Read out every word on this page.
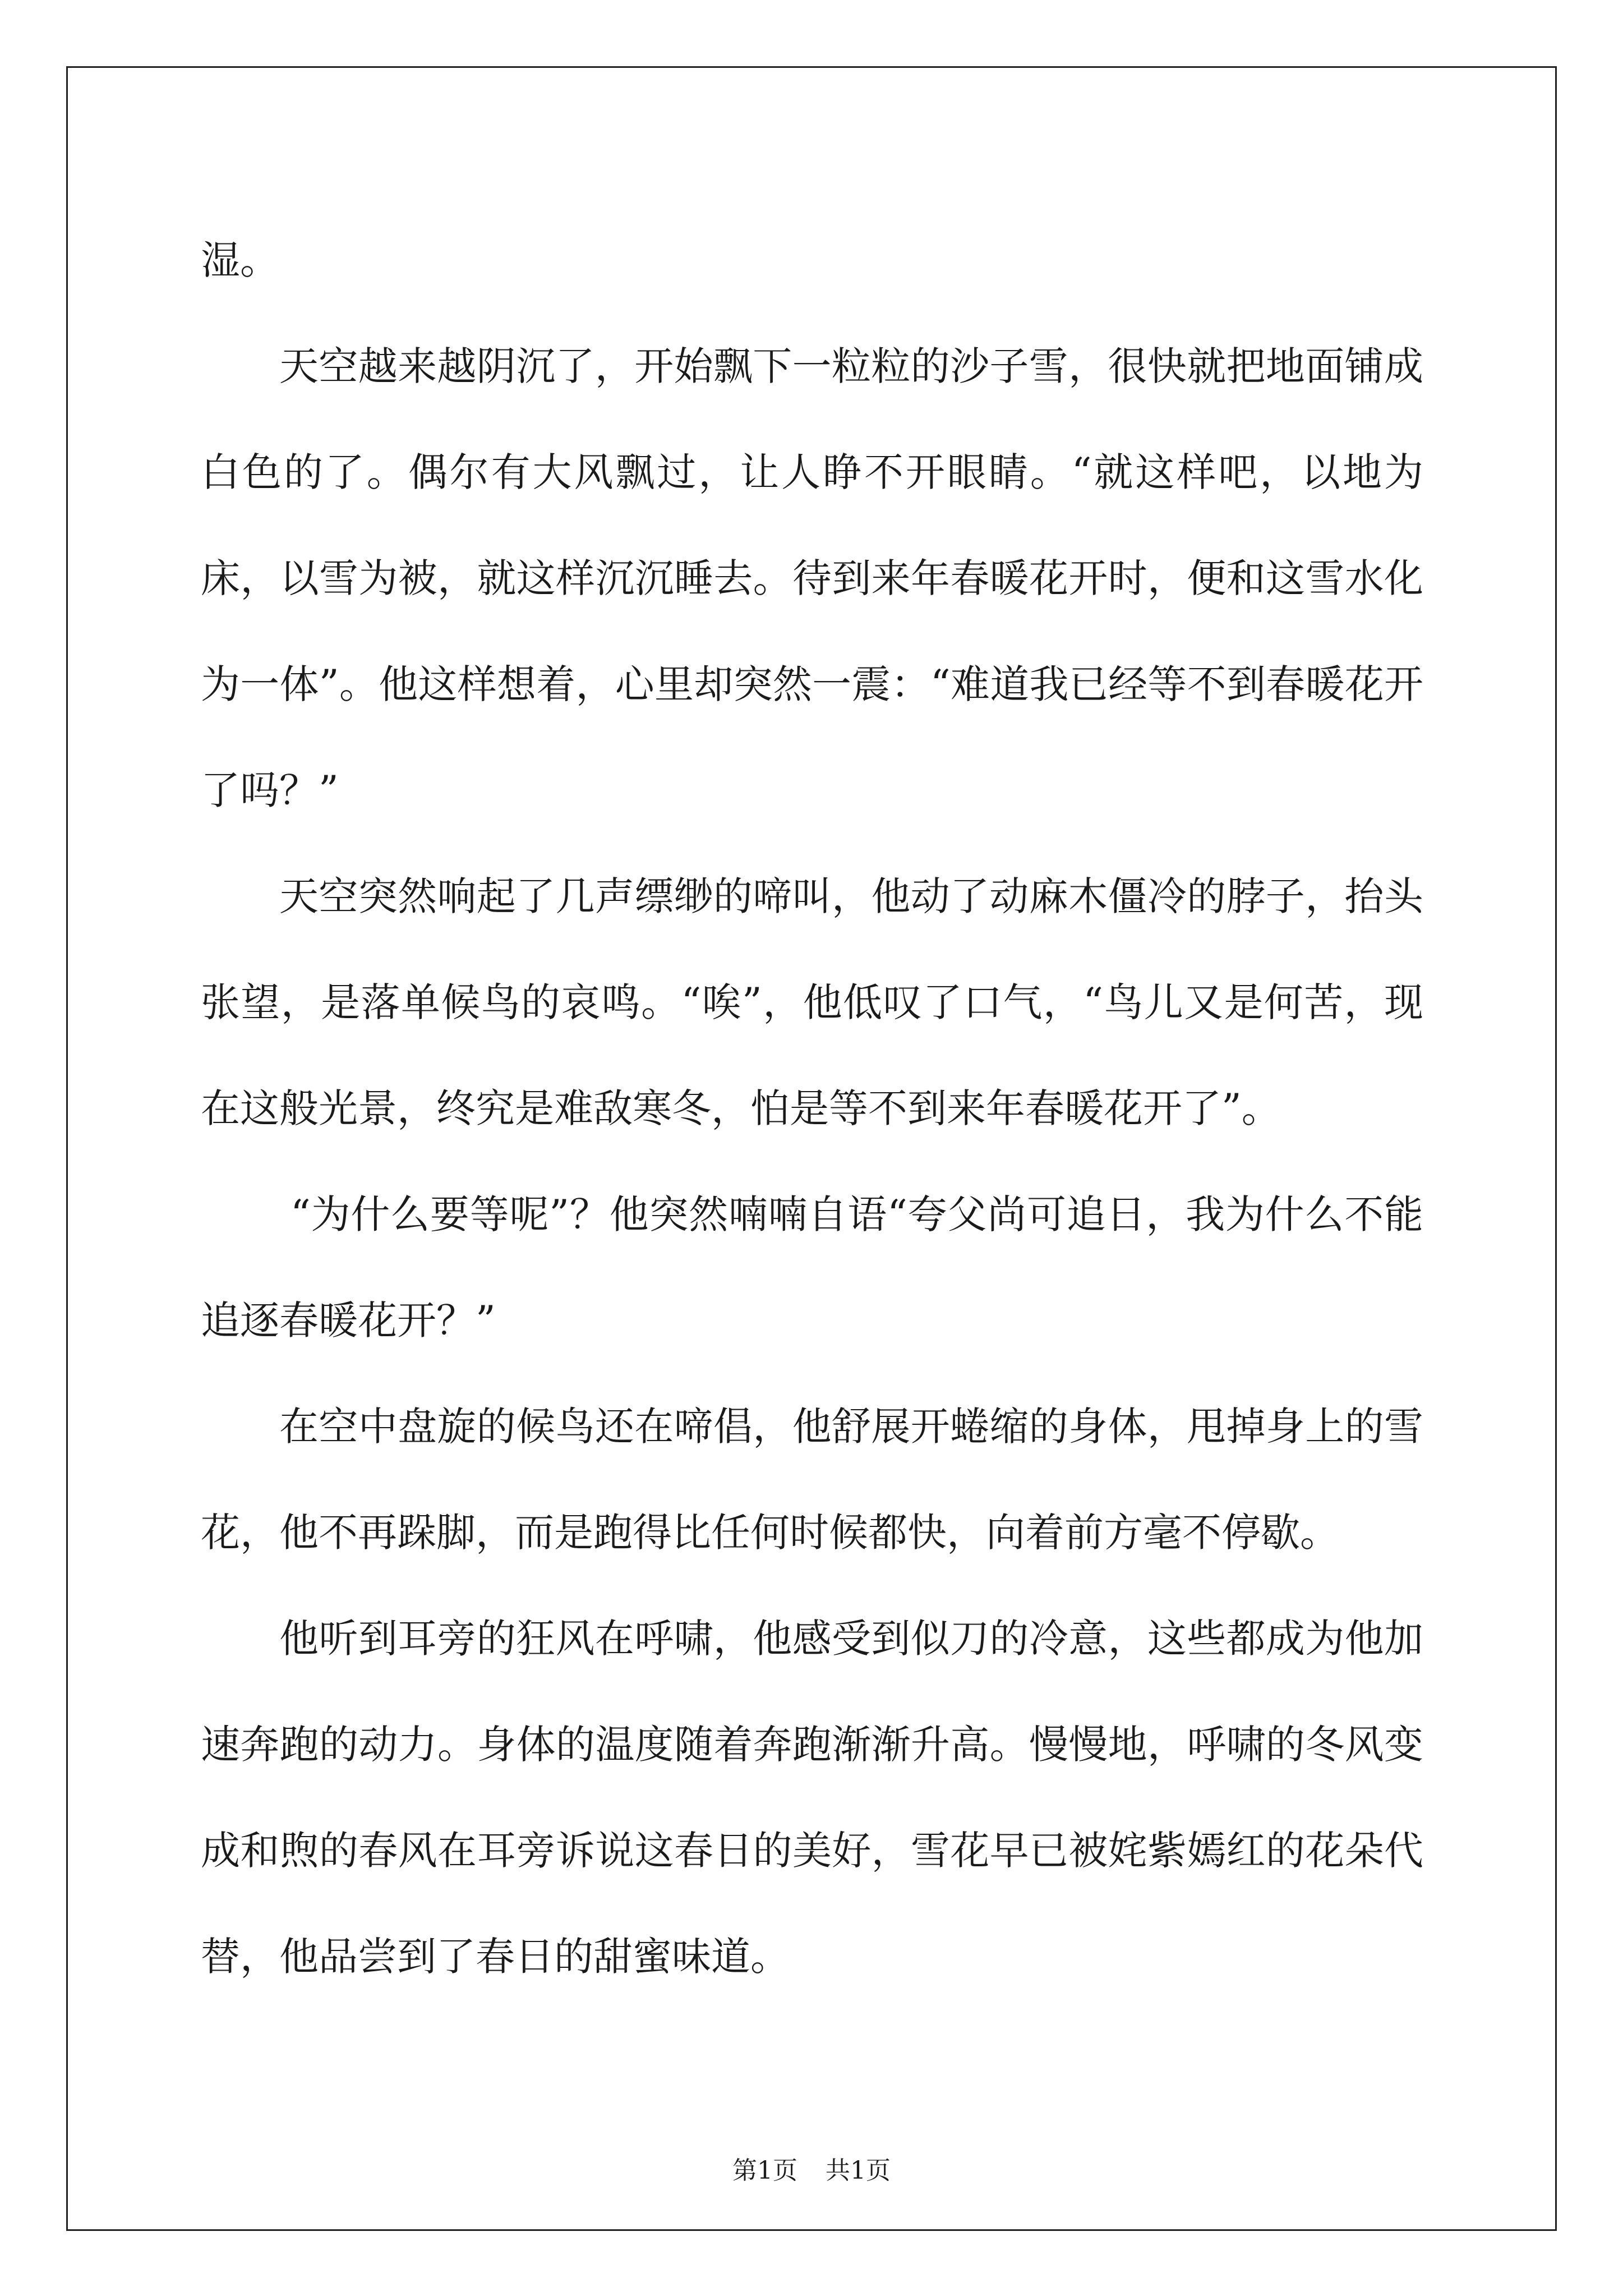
湿。

天空越来越阴沉了，开始飘下一粒粒的沙子雪，很快就把地面铺成白色的了。偶尔有大风飘过，让人睁不开眼睛。“就这样吧，以地为床，以雪为被，就这样沉沉睡去。待到来年春暖花开时，便和这雪水化为一体”。他这样想着，心里却突然一震：“难道我已经等不到春暖花开了吗？”

天空突然响起了几声缥缈的啼叫，他动了动麻木僵冷的脖子，抬头张望，是落单候鸟的哀鸣。“唉”，他低叹了口气，“鸟儿又是何苦，现在这般光景，终究是难敌寒冬，怕是等不到来年春暖花开了”。

“为什么要等呢”？他突然喃喃自语“夸父尚可追日，我为什么不能追逐春暖花开？”

在空中盘旋的候鸟还在啼倡，他舒展开蜷缩的身体，甩掉身上的雪花，他不再跺脚，而是跑得比任何时候都快，向着前方毫不停歇。

他听到耳旁的狂风在呼啸，他感受到似刀的冷意，这些都成为他加速奔跑的动力。身体的温度随着奔跑渐渐升高。慢慢地，呼啸的冬风变成和煦的春风在耳旁诉说这春日的美好，雪花早已被姹紫嫣红的花朵代替，他品尝到了春日的甜蜜味道。

第1页 共1页
